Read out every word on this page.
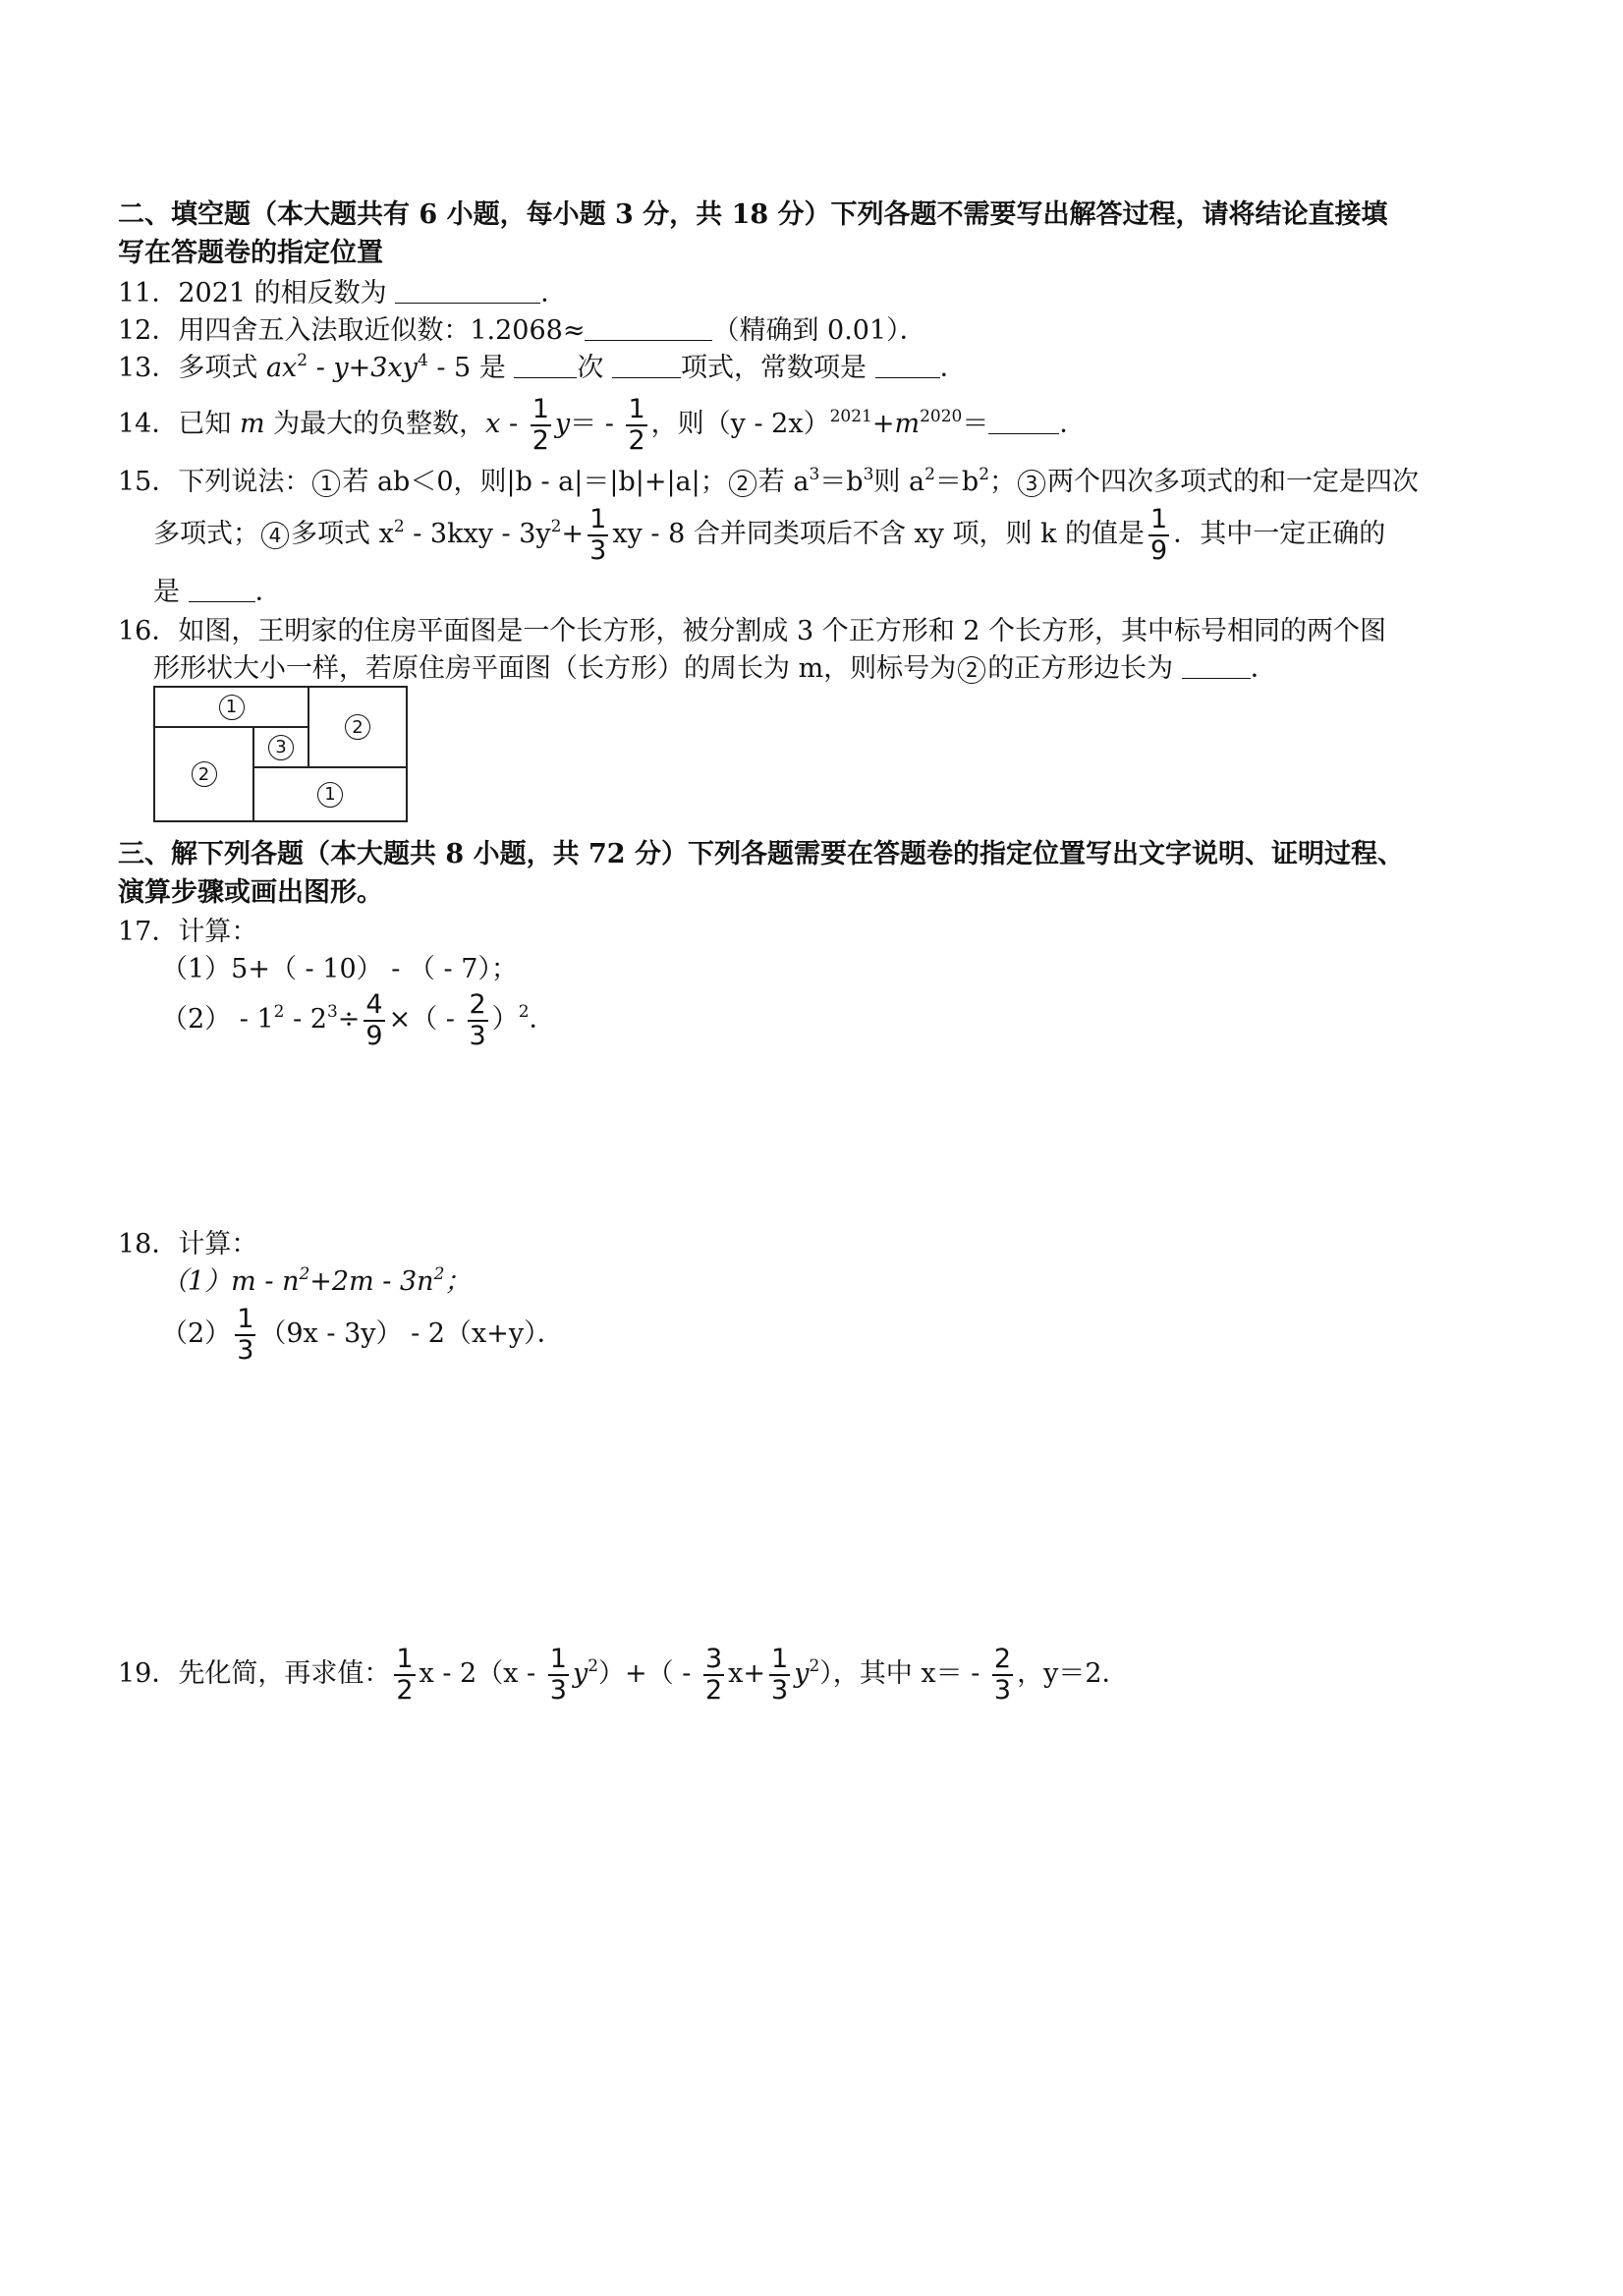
二、填空题（本大题共有 6 小题，每小题 3 分，共 18 分）下列各题不需要写出解答过程，请将结论直接填
写在答题卷的指定位置
11．2021 的相反数为	．
12．用四舍五入法取近似数：1.2068≈	（精确到 0.01）．
13．多项式 $ax^2 - y+3xy^4 - 5$ 是	次	项式，常数项是	．
14．已知 m 为最大的负整数，$x - \frac{1}{2} y= - \frac{1}{2}$ ，则$(y - 2x)^{2021}+m^{2020}=$	．
15．下列说法： 1 若 ab＜0，则|b - a|＝|b|+|a|； 2 若 $a^3=b^3$则 $a^2=b^2$； 3 两个四次多项式的和一定是四次
多项式； 4 多项式 $x^2 - 3kxy - 3y^2+ \frac{1}{3}$ xy - 8 合并同类项后不含 xy 项，则 k 的值是 $\frac{1}{9}$ ．其中一定正确的
是	．
16．如图，王明家的住房平面图是一个长方形，被分割成 3 个正方形和 2 个长方形，其中标号相同的两个图
形形状大小一样，若原住房平面图（长方形）的周长为 m，则标号为 2 的正方形边长为	．
1
2
2
3
1
三、解下列各题（本大题共 8 小题，共 72 分）下列各题需要在答题卷的指定位置写出文字说明、证明过程、
演算步骤或画出图形。
17．计算：
（1）5+（ - 10） - （ - 7）；
$(2) - 1^2 - 2^3\div \frac{4}{9}$ ×（ - $\frac{2}{3} )^2$．
18．计算：
$(1)m - n^2+2m - 3n^2$；
$(2) \frac{1}{3} (9x - 3y) - 2(x+y)$．
19．先化简，再求值： $\frac{1}{2}$ $x - 2(x - \frac{1}{3} y^2)+( - \frac{3}{2} x+ \frac{1}{3} y^2)$，其中 $x= - \frac{2}{3}$ ，y＝2．
